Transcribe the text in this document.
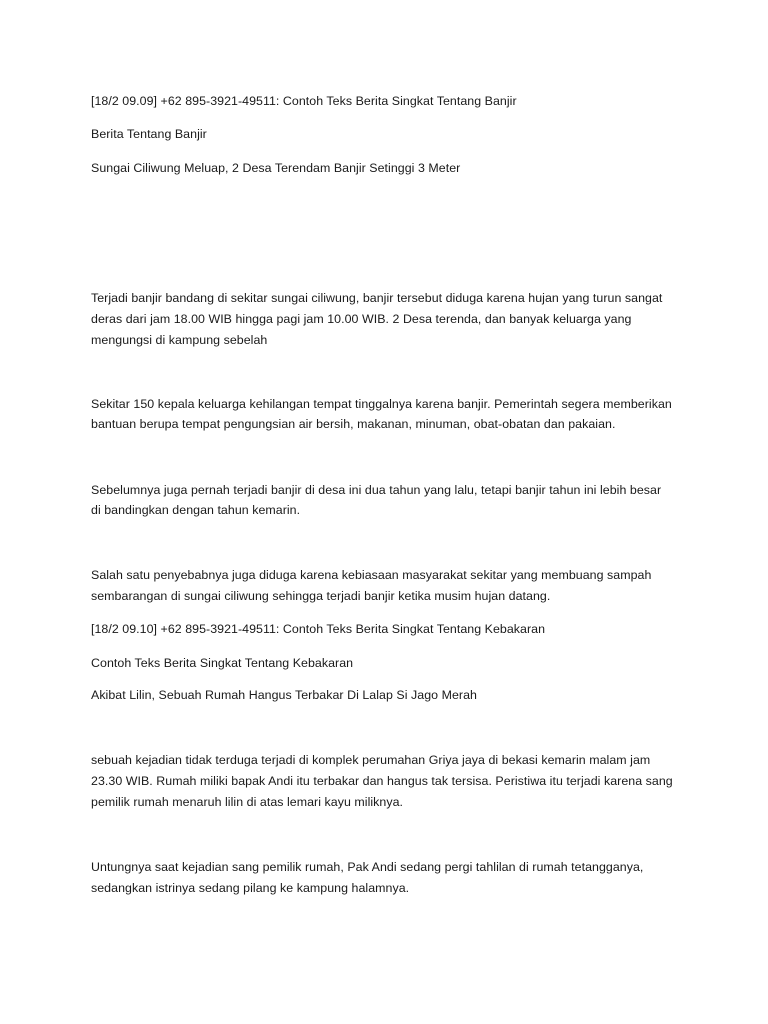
[18/2 09.09] +62 895-3921-49511: Contoh Teks Berita Singkat Tentang Banjir

Berita Tentang Banjir

Sungai Ciliwung Meluap, 2 Desa Terendam Banjir Setinggi 3 Meter

Terjadi banjir bandang di sekitar sungai ciliwung, banjir tersebut diduga karena hujan yang turun sangat

deras dari jam 18.00 WIB hingga pagi jam 10.00 WIB. 2 Desa terenda, dan banyak keluarga yang

mengungsi di kampung sebelah

Sekitar 150 kepala keluarga kehilangan tempat tinggalnya karena banjir. Pemerintah segera memberikan

bantuan berupa tempat pengungsian air bersih, makanan, minuman, obat-obatan dan pakaian.

Sebelumnya juga pernah terjadi banjir di desa ini dua tahun yang lalu, tetapi banjir tahun ini lebih besar

di bandingkan dengan tahun kemarin.

Salah satu penyebabnya juga diduga karena kebiasaan masyarakat sekitar yang membuang sampah

sembarangan di sungai ciliwung sehingga terjadi banjir ketika musim hujan datang.

[18/2 09.10] +62 895-3921-49511: Contoh Teks Berita Singkat Tentang Kebakaran

Contoh Teks Berita Singkat Tentang Kebakaran

Akibat Lilin, Sebuah Rumah Hangus Terbakar Di Lalap Si Jago Merah

sebuah kejadian tidak terduga terjadi di komplek perumahan Griya jaya di bekasi kemarin malam jam

23.30 WIB. Rumah miliki bapak Andi itu terbakar dan hangus tak tersisa. Peristiwa itu terjadi karena sang

pemilik rumah menaruh lilin di atas lemari kayu miliknya.

Untungnya saat kejadian sang pemilik rumah, Pak Andi sedang pergi tahlilan di rumah tetangganya,

sedangkan istrinya sedang pilang ke kampung halamnya.
